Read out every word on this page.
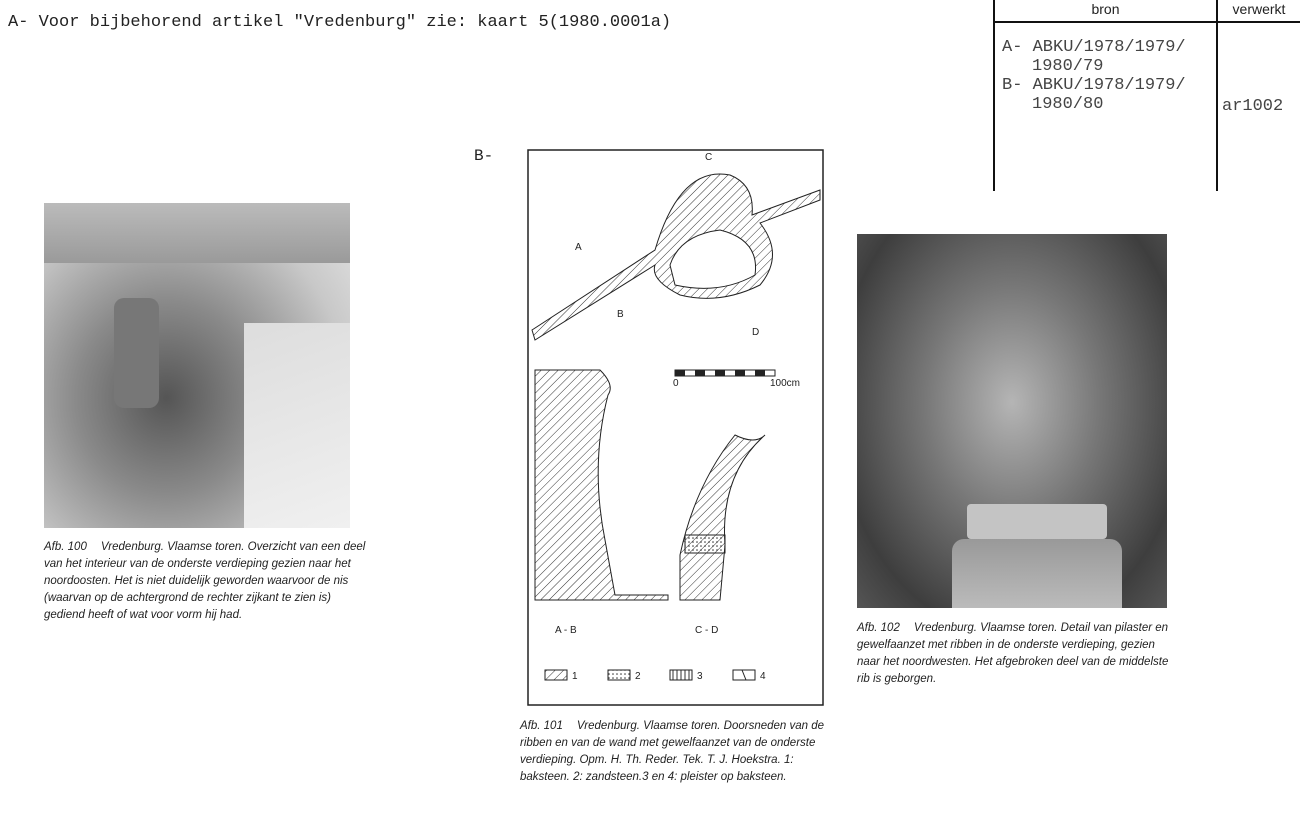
A- Voor bijbehorend artikel "Vredenburg" zie: kaart 5(1980.0001a)
bron	verwerkt
A- ABKU/1978/1979/
1980/79
B- ABKU/1978/1979/
1980/80	ar1002
Afb. 100 Vredenburg. Vlaamse toren. Overzicht van een deel van het interieur van de onderste verdieping gezien naar het noordoosten. Het is niet duidelijk geworden waarvoor de nis (waarvan op de achtergrond de rechter zijkant te zien is) gediend heeft of wat voor vorm hij had.
B-
0	100cm
A
B
C
D
A - B	C - D
1	2	3	4
Afb. 101 Vredenburg. Vlaamse toren. Doorsneden van de ribben en van de wand met gewelfaanzet van de onderste verdieping. Opm. H. Th. Reder. Tek. T. J. Hoekstra. 1: baksteen. 2: zandsteen.3 en 4: pleister op baksteen.
Afb. 102 Vredenburg. Vlaamse toren. Detail van pilaster en gewelfaanzet met ribben in de onderste verdieping, gezien naar het noordwesten. Het afgebroken deel van de middelste rib is geborgen.
